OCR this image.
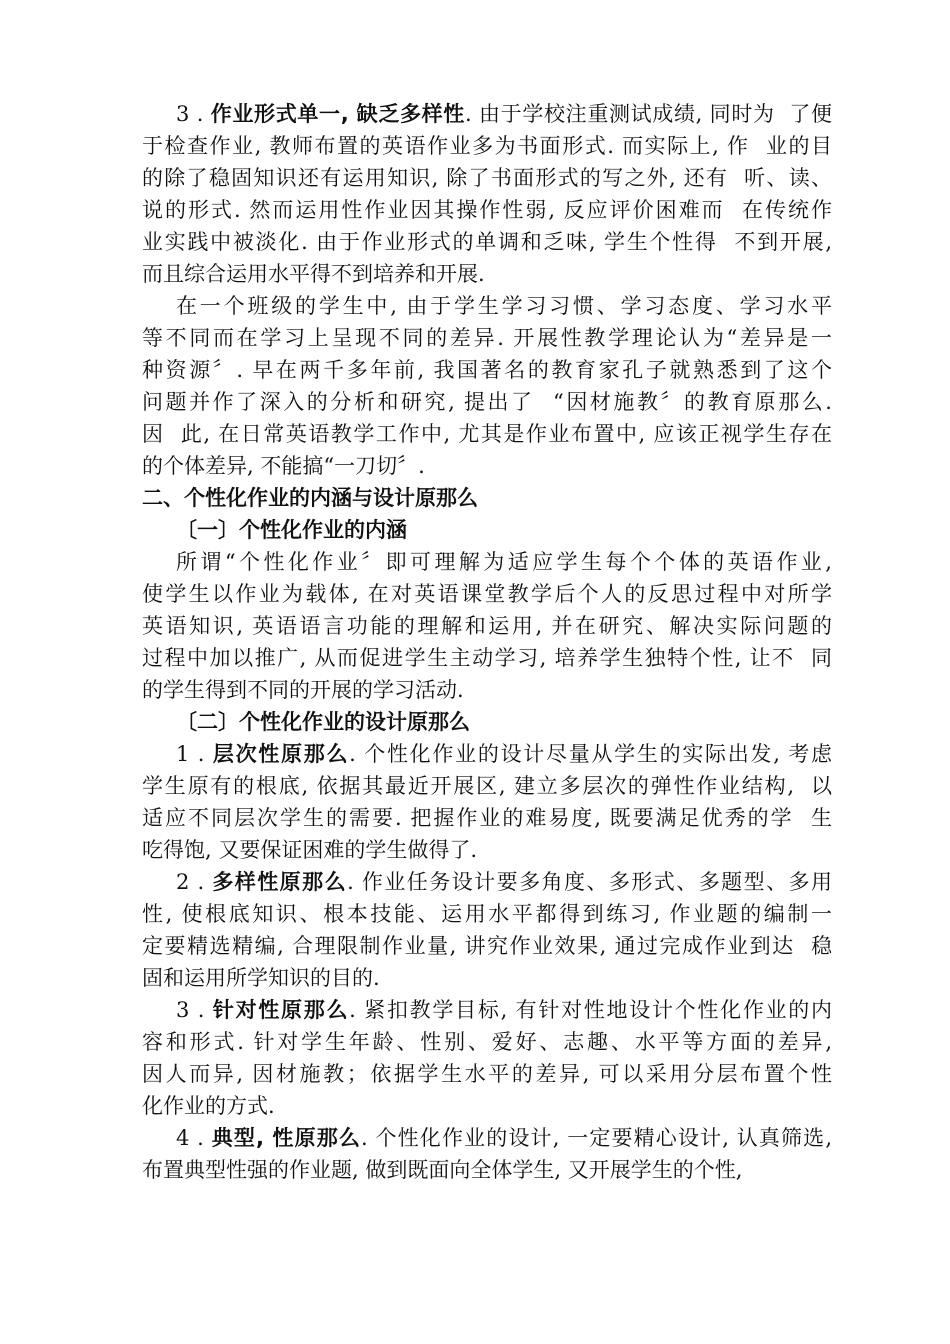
3 . 作业形式单一, 缺乏多样性. 由于学校注重测试成绩, 同时为  了便
于检查作业, 教师布置的英语作业多为书面形式. 而实际上, 作  业的目
的除了稳固知识还有运用知识, 除了书面形式的写之外, 还有  听、读、
说的形式. 然而运用性作业因其操作性弱, 反应评价困难而  在传统作
业实践中被淡化. 由于作业形式的单调和乏味, 学生个性得  不到开展,
而且综合运用水平得不到培养和开展.
在一个班级的学生中, 由于学生学习习惯、学习态度、学习水平
等不同而在学习上呈现不同的差异. 开展性教学理论认为“差异是一
种资源〞. 早在两千多年前, 我国著名的教育家孔子就熟悉到了这个
问题并作了深入的分析和研究, 提出了  “因材施教〞的教育原那么.
因  此, 在日常英语教学工作中, 尤其是作业布置中, 应该正视学生存在
的个体差异, 不能搞“一刀切〞.
二、个性化作业的内涵与设计原那么
〔一〕个性化作业的内涵
所谓“个性化作业〞即可理解为适应学生每个个体的英语作业,
使学生以作业为载体, 在对英语课堂教学后个人的反思过程中对所学
英语知识, 英语语言功能的理解和运用, 并在研究、解决实际问题的
过程中加以推广, 从而促进学生主动学习, 培养学生独特个性, 让不  同
的学生得到不同的开展的学习活动.
〔二〕个性化作业的设计原那么
1 . 层次性原那么. 个性化作业的设计尽量从学生的实际出发, 考虑
学生原有的根底, 依据其最近开展区, 建立多层次的弹性作业结构,  以
适应不同层次学生的需要. 把握作业的难易度, 既要满足优秀的学  生
吃得饱, 又要保证困难的学生做得了.
2 . 多样性原那么. 作业任务设计要多角度、多形式、多题型、多用
性, 使根底知识、根本技能、运用水平都得到练习, 作业题的编制一
定要精选精编, 合理限制作业量, 讲究作业效果, 通过完成作业到达  稳
固和运用所学知识的目的.
3 . 针对性原那么. 紧扣教学目标, 有针对性地设计个性化作业的内
容和形式. 针对学生年龄、性别、爱好、志趣、水平等方面的差异,
因人而异, 因材施教；依据学生水平的差异, 可以采用分层布置个性
化作业的方式.
4 . 典型, 性原那么. 个性化作业的设计, 一定要精心设计, 认真筛选,
布置典型性强的作业题, 做到既面向全体学生, 又开展学生的个性,
